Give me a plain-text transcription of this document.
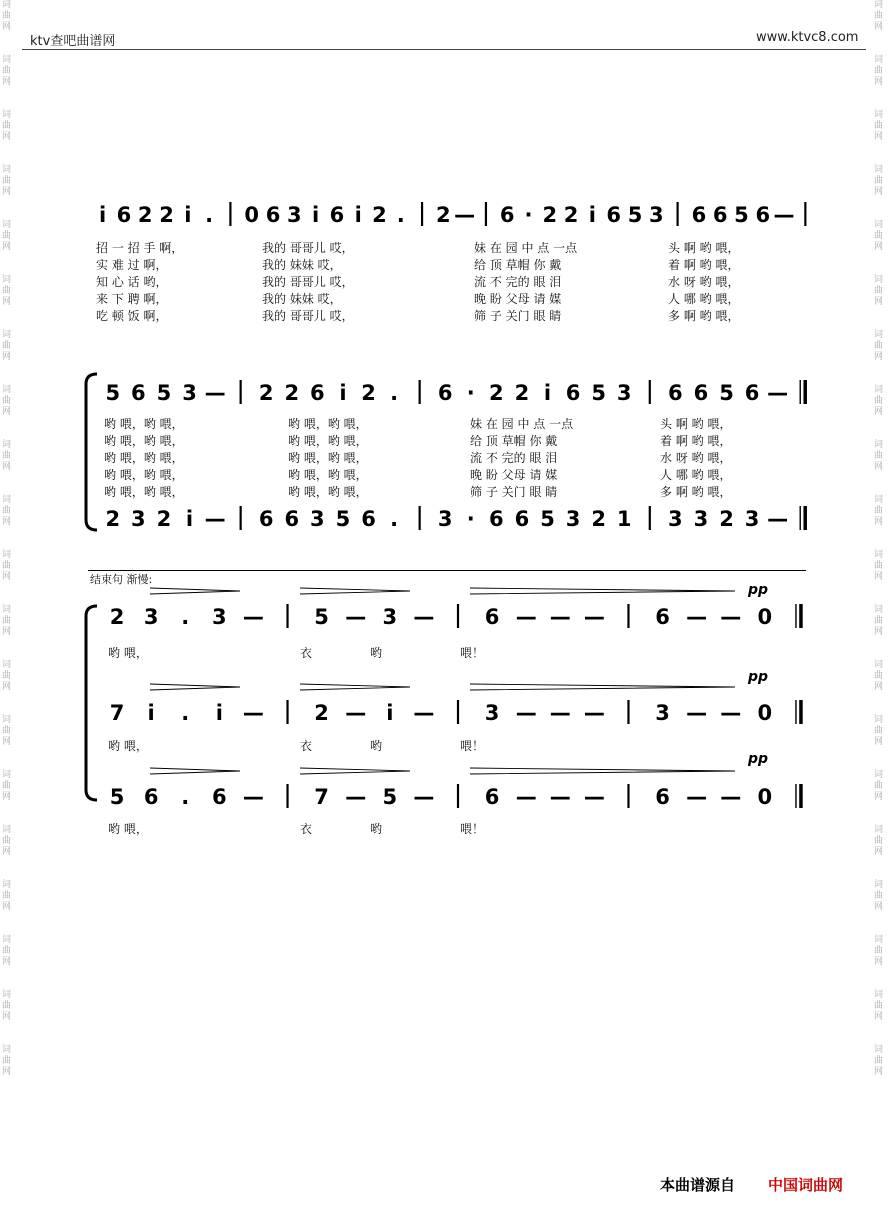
词
曲
网

词
曲
网

词
曲
网

词
曲
网

词
曲
网

词
曲
网

词
曲
网

词
曲
网

词
曲
网

词
曲
网

词
曲
网

词
曲
网

词
曲
网

词
曲
网

词
曲
网

词
曲
网

词
曲
网

词
曲
网

词
曲
网

词
曲
网

词
曲
网

词
曲
网

词
曲
网

词
曲
网

词
曲
网

词
曲
网

词
曲
网

词
曲
网

词
曲
网

词
曲
网

词
曲
网

词
曲
网

词
曲
网

词
曲
网

词
曲
网

词
曲
网

词
曲
网

词
曲
网

词
曲
网

词
曲
网

ktv查吧曲谱网	www.ktvc8.com
i 6 2 2 i . 0 6 3 i 6 i 2 . 2 — 6 · 2 2 i 6 5 3 6 6 5 6 —
招 一 招 手 啊，	我的 哥哥儿 哎，	妹 在 园 中 点 一点	头 啊 哟 喂，
实 难 过 啊，	我的 妹妹 哎，	给 顶 草帽 你 戴	着 啊 哟 喂，
知 心 话 哟，	我的 哥哥儿 哎，	流 不 完的 眼 泪	水 呀 哟 喂，
来 下 聘 啊，	我的 妹妹 哎，	晚 盼 父母 请 媒	人 哪 哟 喂，
吃 顿 饭 啊，	我的 哥哥儿 哎，	筛 子 关门 眼 睛	多 啊 哟 喂，
5 6 5 3 — 2 2 6 i 2 . 6 · 2 2 i 6 5 3 6 6 5 6 —
哟 喂，哟 喂，	哟 喂，哟 喂，	妹 在 园 中 点 一点	头 啊 哟 喂，
哟 喂，哟 喂，	哟 喂，哟 喂，	给 顶 草帽 你 戴	着 啊 哟 喂，
哟 喂，哟 喂，	哟 喂，哟 喂，	流 不 完的 眼 泪	水 呀 哟 喂，
哟 喂，哟 喂，	哟 喂，哟 喂，	晚 盼 父母 请 媒	人 哪 哟 喂，
哟 喂，哟 喂，	哟 喂，哟 喂，	筛 子 关门 眼 睛	多 啊 哟 喂，
2 3 2 i — 6 6 3 5 6 . 3 · 6 6 5 3 2 1 3 3 2 3 —
结束句 渐慢:
2 3 . 3 — 5 — 3 — 6 — — — 6 — — 0
哟 喂，	衣	哟	喂！
pp
7 i . i — 2 — i — 3 — — — 3 — — 0
哟 喂，	衣	哟	喂！
pp
5 6 . 6 — 7 — 5 — 6 — — — 6 — — 0
哟 喂，	衣	哟	喂！
pp
本曲谱源自 中国词曲网
